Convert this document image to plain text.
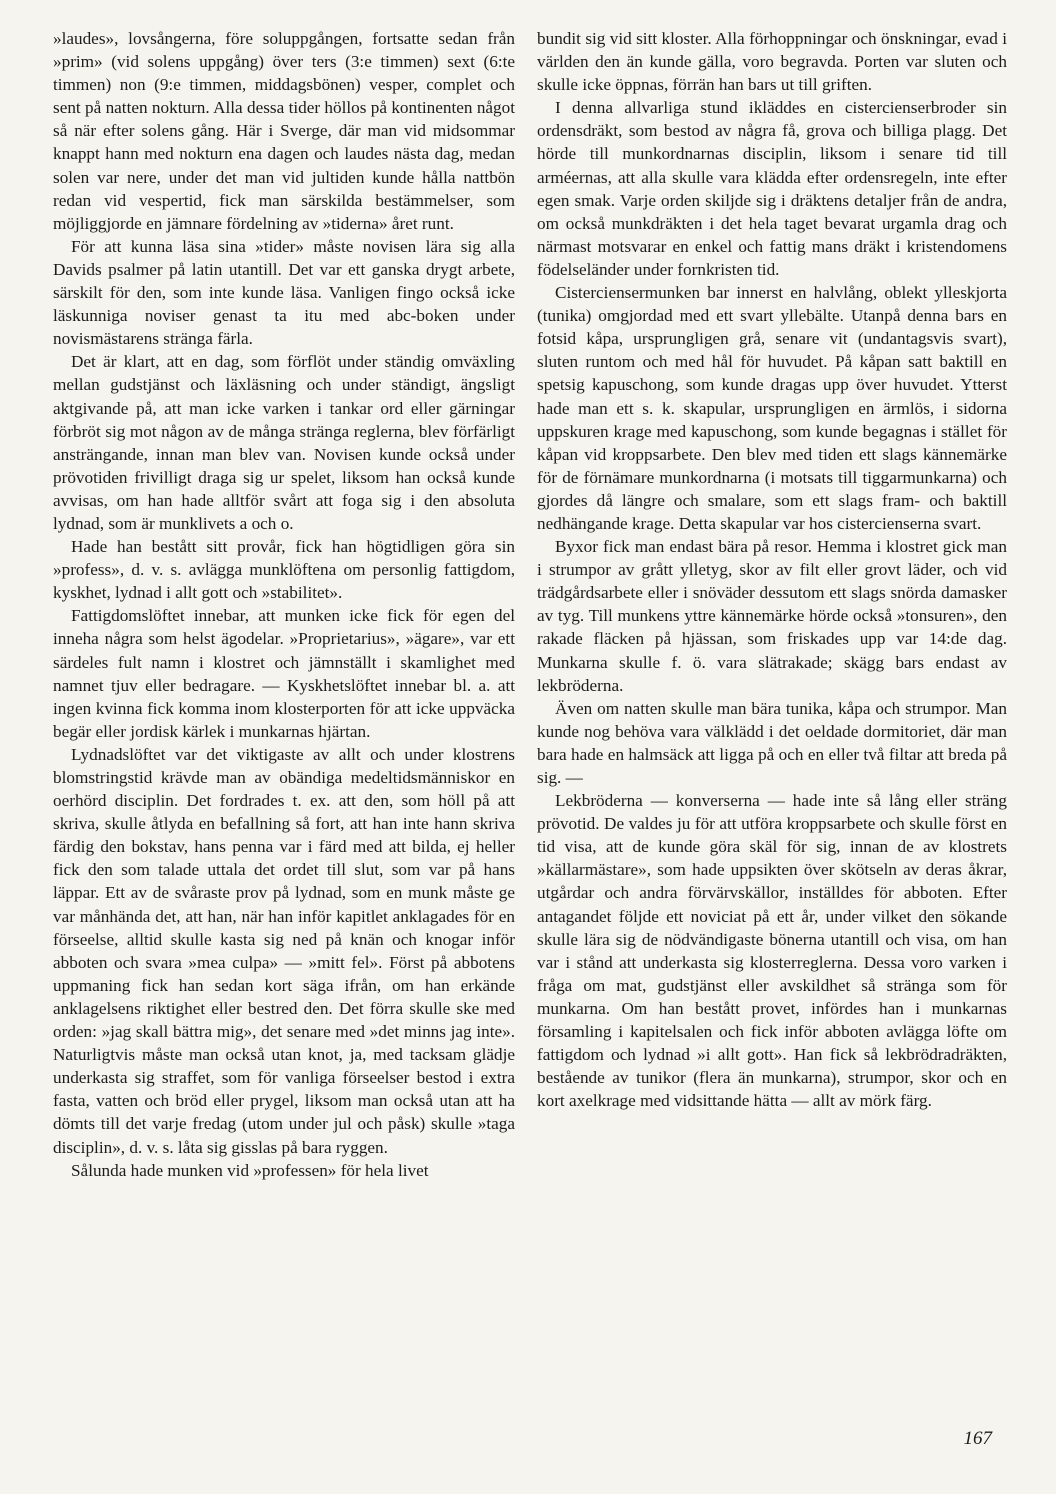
»laudes», lovsångerna, före soluppgången, fortsatte sedan från »prim» (vid solens uppgång) över ters (3:e timmen) sext (6:te timmen) non (9:e timmen, middagsbönen) vesper, complet och sent på natten nokturn. Alla dessa tider höllos på kontinenten något så när efter solens gång. Här i Sverge, där man vid midsommar knappt hann med nokturn ena dagen och laudes nästa dag, medan solen var nere, under det man vid jultiden kunde hålla nattbön redan vid vespertid, fick man särskilda bestämmelser, som möjliggjorde en jämnare fördelning av »tiderna» året runt.

För att kunna läsa sina »tider» måste novisen lära sig alla Davids psalmer på latin utantill. Det var ett ganska drygt arbete, särskilt för den, som inte kunde läsa. Vanligen fingo också icke läskunniga noviser genast ta itu med abc-boken under novismästarens stränga färla.

Det är klart, att en dag, som förflöt under ständig omväxling mellan gudstjänst och läxläsning och under ständigt, ängsligt aktgivande på, att man icke varken i tankar ord eller gärningar förbröt sig mot någon av de många stränga reglerna, blev förfärligt ansträngande, innan man blev van. Novisen kunde också under prövotiden frivilligt draga sig ur spelet, liksom han också kunde avvisas, om han hade alltför svårt att foga sig i den absoluta lydnad, som är munklivets a och o.

Hade han bestått sitt provår, fick han högtidligen göra sin »profess», d. v. s. avlägga munklöftena om personlig fattigdom, kyskhet, lydnad i allt gott och »stabilitet».

Fattigdomslöftet innebar, att munken icke fick för egen del inneha några som helst ägodelar. »Proprietarius», »ägare», var ett särdeles fult namn i klostret och jämnställt i skamlighet med namnet tjuv eller bedragare. — Kyskhetslöftet innebar bl. a. att ingen kvinna fick komma inom klosterporten för att icke uppväcka begär eller jordisk kärlek i munkarnas hjärtan.

Lydnadslöftet var det viktigaste av allt och under klostrens blomstringstid krävde man av obändiga medeltidsmänniskor en oerhörd disciplin. Det fordrades t. ex. att den, som höll på att skriva, skulle åtlyda en befallning så fort, att han inte hann skriva färdig den bokstav, hans penna var i färd med att bilda, ej heller fick den som talade uttala det ordet till slut, som var på hans läppar. Ett av de svåraste prov på lydnad, som en munk måste ge var månhända det, att han, när han inför kapitlet anklagades för en förseelse, alltid skulle kasta sig ned på knän och knogar inför abboten och svara »mea culpa» — »mitt fel». Först på abbotens uppmaning fick han sedan kort säga ifrån, om han erkände anklagelsens riktighet eller bestred den. Det förra skulle ske med orden: »jag skall bättra mig», det senare med »det minns jag inte». Naturligtvis måste man också utan knot, ja, med tacksam glädje underkasta sig straffet, som för vanliga förseelser bestod i extra fasta, vatten och bröd eller prygel, liksom man också utan att ha dömts till det varje fredag (utom under jul och påsk) skulle »taga disciplin», d. v. s. låta sig gisslas på bara ryggen.

Sålunda hade munken vid »professen» för hela livet

bundit sig vid sitt kloster. Alla förhoppningar och önskningar, evad i världen den än kunde gälla, voro begravda. Porten var sluten och skulle icke öppnas, förrän han bars ut till griften.

I denna allvarliga stund ikläddes en cistercienserbroder sin ordensdräkt, som bestod av några få, grova och billiga plagg. Det hörde till munkordnarnas disciplin, liksom i senare tid till arméernas, att alla skulle vara klädda efter ordensregeln, inte efter egen smak. Varje orden skiljde sig i dräktens detaljer från de andra, om också munkdräkten i det hela taget bevarat urgamla drag och närmast motsvarar en enkel och fattig mans dräkt i kristendomens födelseländer under fornkristen tid.

Cisterciensermunken bar innerst en halvlång, oblekt ylleskjorta (tunika) omgjordad med ett svart yllebälte. Utanpå denna bars en fotsid kåpa, ursprungligen grå, senare vit (undantagsvis svart), sluten runtom och med hål för huvudet. På kåpan satt baktill en spetsig kapuschong, som kunde dragas upp över huvudet. Ytterst hade man ett s. k. skapular, ursprungligen en ärmlös, i sidorna uppskuren krage med kapuschong, som kunde begagnas i stället för kåpan vid kroppsarbete. Den blev med tiden ett slags kännemärke för de förnämare munkordnarna (i motsats till tiggarmunkarna) och gjordes då längre och smalare, som ett slags fram- och baktill nedhängande krage. Detta skapular var hos cistercienserna svart.

Byxor fick man endast bära på resor. Hemma i klostret gick man i strumpor av grått ylletyg, skor av filt eller grovt läder, och vid trädgårdsarbete eller i snöväder dessutom ett slags snörda damasker av tyg. Till munkens yttre kännemärke hörde också »tonsuren», den rakade fläcken på hjässan, som friskades upp var 14:de dag. Munkarna skulle f. ö. vara slätrakade; skägg bars endast av lekbröderna.

Även om natten skulle man bära tunika, kåpa och strumpor. Man kunde nog behöva vara välklädd i det oeldade dormitoriet, där man bara hade en halmsäck att ligga på och en eller två filtar att breda på sig. —

Lekbröderna — konverserna — hade inte så lång eller sträng prövotid. De valdes ju för att utföra kroppsarbete och skulle först en tid visa, att de kunde göra skäl för sig, innan de av klostrets »källarmästare», som hade uppsikten över skötseln av deras åkrar, utgårdar och andra förvärvskällor, inställdes för abboten. Efter antagandet följde ett noviciat på ett år, under vilket den sökande skulle lära sig de nödvändigaste bönerna utantill och visa, om han var i stånd att underkasta sig klosterreglerna. Dessa voro varken i fråga om mat, gudstjänst eller avskildhet så stränga som för munkarna. Om han bestått provet, infördes han i munkarnas församling i kapitelsalen och fick inför abboten avlägga löfte om fattigdom och lydnad »i allt gott». Han fick så lekbrödradräkten, bestående av tunikor (flera än munkarna), strumpor, skor och en kort axelkrage med vidsittande hätta — allt av mörk färg.

167
